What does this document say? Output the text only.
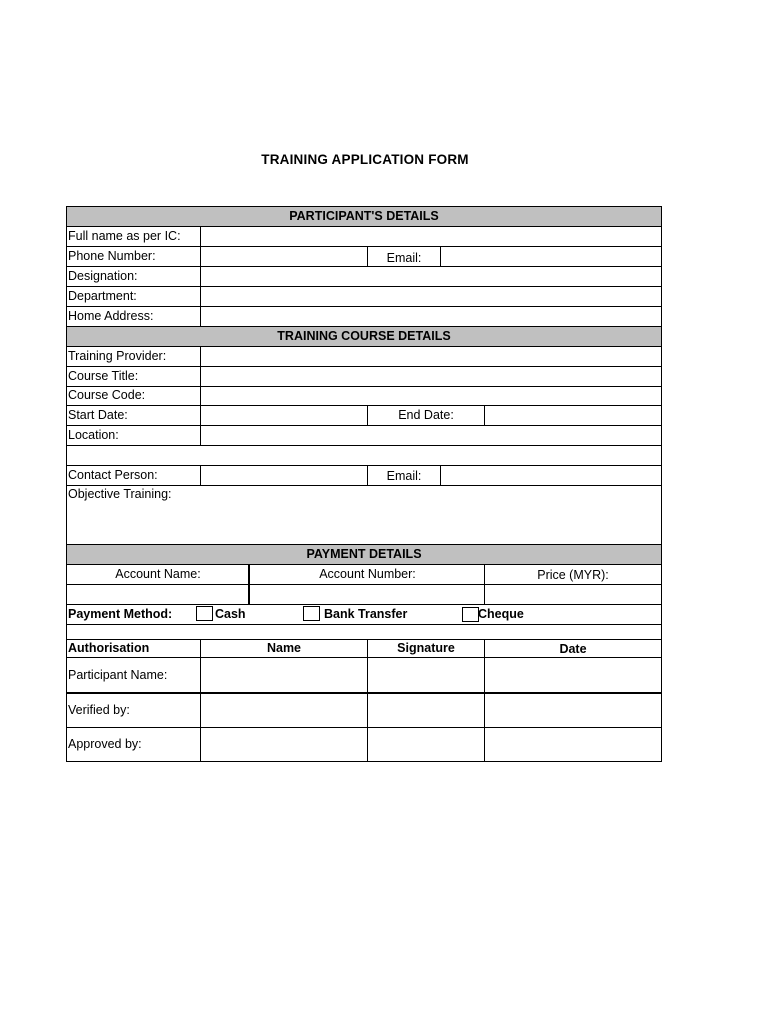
TRAINING APPLICATION FORM
PARTICIPANT'S DETAILS
Full name as per IC:
Phone Number:	Email:
Designation:
Department:
Home Address:
TRAINING COURSE DETAILS
Training Provider:
Course Title:
Course Code:
Start Date:	End Date:
Location:
Contact Person:	Email:
Objective Training:
PAYMENT DETAILS
Account Name:	Account Number:	Price (MYR):
Payment Method:	Cash	Bank Transfer	Cheque
Authorisation	Name	Signature	Date
Participant Name:
Verified by:
Approved by:
